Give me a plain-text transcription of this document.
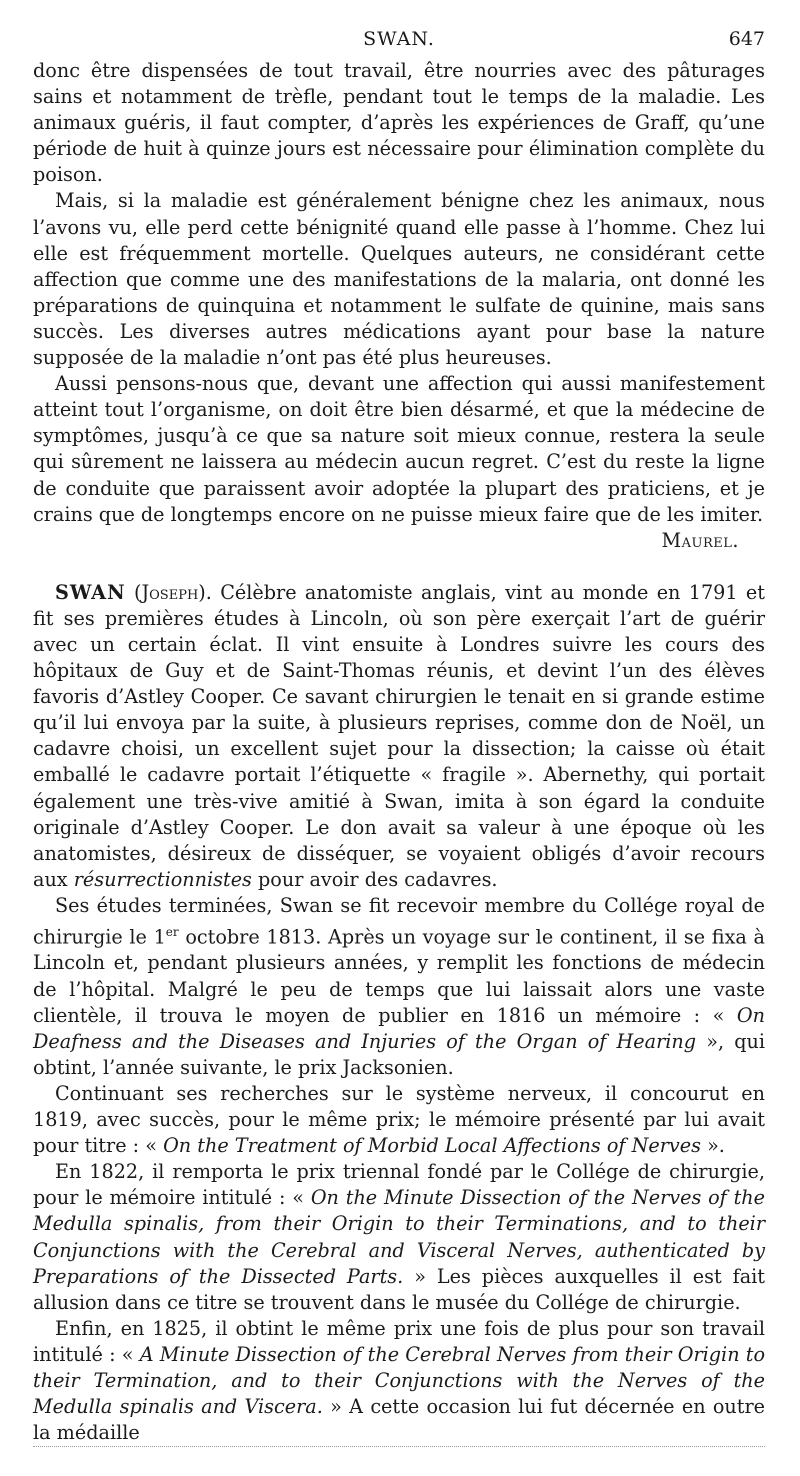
SWAN.	647

donc être dispensées de tout travail, être nourries avec des pâturages sains et notamment de trèfle, pendant tout le temps de la maladie. Les animaux guéris, il faut compter, d’après les expériences de Graff, qu’une période de huit à quinze jours est nécessaire pour élimination complète du poison.

Mais, si la maladie est généralement bénigne chez les animaux, nous l’avons vu, elle perd cette bénignité quand elle passe à l’homme. Chez lui elle est fréquemment mortelle. Quelques auteurs, ne considérant cette affection que comme une des manifestations de la malaria, ont donné les préparations de quinquina et notamment le sulfate de quinine, mais sans succès. Les diverses autres médications ayant pour base la nature supposée de la maladie n’ont pas été plus heureuses.

Aussi pensons-nous que, devant une affection qui aussi manifestement atteint tout l’organisme, on doit être bien désarmé, et que la médecine de symptômes, jusqu’à ce que sa nature soit mieux connue, restera la seule qui sûrement ne laissera au médecin aucun regret. C’est du reste la ligne de conduite que paraissent avoir adoptée la plupart des praticiens, et je crains que de longtemps encore on ne puisse mieux faire que de les imiter.
Maurel.

SWAN (Joseph). Célèbre anatomiste anglais, vint au monde en 1791 et fit ses premières études à Lincoln, où son père exerçait l’art de guérir avec un certain éclat. Il vint ensuite à Londres suivre les cours des hôpitaux de Guy et de Saint-Thomas réunis, et devint l’un des élèves favoris d’Astley Cooper. Ce savant chirurgien le tenait en si grande estime qu’il lui envoya par la suite, à plusieurs reprises, comme don de Noël, un cadavre choisi, un excellent sujet pour la dissection; la caisse où était emballé le cadavre portait l’étiquette « fragile ». Abernethy, qui portait également une très-vive amitié à Swan, imita à son égard la conduite originale d’Astley Cooper. Le don avait sa valeur à une époque où les anatomistes, désireux de disséquer, se voyaient obligés d’avoir recours aux résurrectionnistes pour avoir des cadavres.

Ses études terminées, Swan se fit recevoir membre du Collége royal de chirurgie le 1er octobre 1813. Après un voyage sur le continent, il se fixa à Lincoln et, pendant plusieurs années, y remplit les fonctions de médecin de l’hôpital. Malgré le peu de temps que lui laissait alors une vaste clientèle, il trouva le moyen de publier en 1816 un mémoire : « On Deafness and the Diseases and Injuries of the Organ of Hearing », qui obtint, l’année suivante, le prix Jacksonien.

Continuant ses recherches sur le système nerveux, il concourut en 1819, avec succès, pour le même prix; le mémoire présenté par lui avait pour titre : « On the Treatment of Morbid Local Affections of Nerves ».

En 1822, il remporta le prix triennal fondé par le Collége de chirurgie, pour le mémoire intitulé : « On the Minute Dissection of the Nerves of the Medulla spinalis, from their Origin to their Terminations, and to their Conjunctions with the Cerebral and Visceral Nerves, authenticated by Preparations of the Dissected Parts. » Les pièces auxquelles il est fait allusion dans ce titre se trouvent dans le musée du Collége de chirurgie.

Enfin, en 1825, il obtint le même prix une fois de plus pour son travail intitulé : « A Minute Dissection of the Cerebral Nerves from their Origin to their Termination, and to their Conjunctions with the Nerves of the Medulla spinalis and Viscera. » A cette occasion lui fut décernée en outre la médaille
